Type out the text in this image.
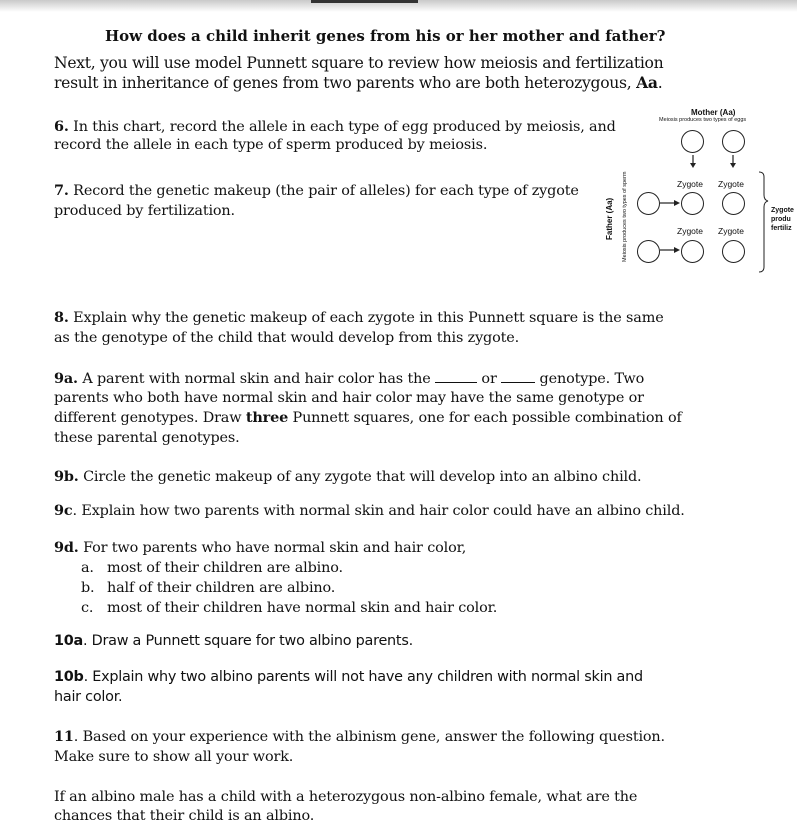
How does a child inherit genes from his or her mother and father?
Next, you will use model Punnett square to review how meiosis and fertilization
result in inheritance of genes from two parents who are both heterozygous, Aa.
6. In this chart, record the allele in each type of egg produced by meiosis, and
record the allele in each type of sperm produced by meiosis.
7. Record the genetic makeup (the pair of alleles) for each type of zygote
produced by fertilization.
Mother (Aa)
Meiosis produces two types of eggs
Zygote Zygote
Zygote Zygote
Father (Aa) Meiosis produces two types of sperm	Zygote
produ
fertiliz
8. Explain why the genetic makeup of each zygote in this Punnett square is the same
as the genotype of the child that would develop from this zygote.
9a. A parent with normal skin and hair color has the	or  genotype. Two
parents who both have normal skin and hair color may have the same genotype or
different genotypes. Draw three Punnett squares, one for each possible combination of
these parental genotypes.
9b. Circle the genetic makeup of any zygote that will develop into an albino child.
9c. Explain how two parents with normal skin and hair color could have an albino child.
9d. For two parents who have normal skin and hair color,
a. most of their children are albino.
b. half of their children are albino.
c. most of their children have normal skin and hair color.
10a. Draw a Punnett square for two albino parents.
10b. Explain why two albino parents will not have any children with normal skin and
hair color.
11. Based on your experience with the albinism gene, answer the following question.
Make sure to show all your work.
If an albino male has a child with a heterozygous non-albino female, what are the
chances that their child is an albino.
